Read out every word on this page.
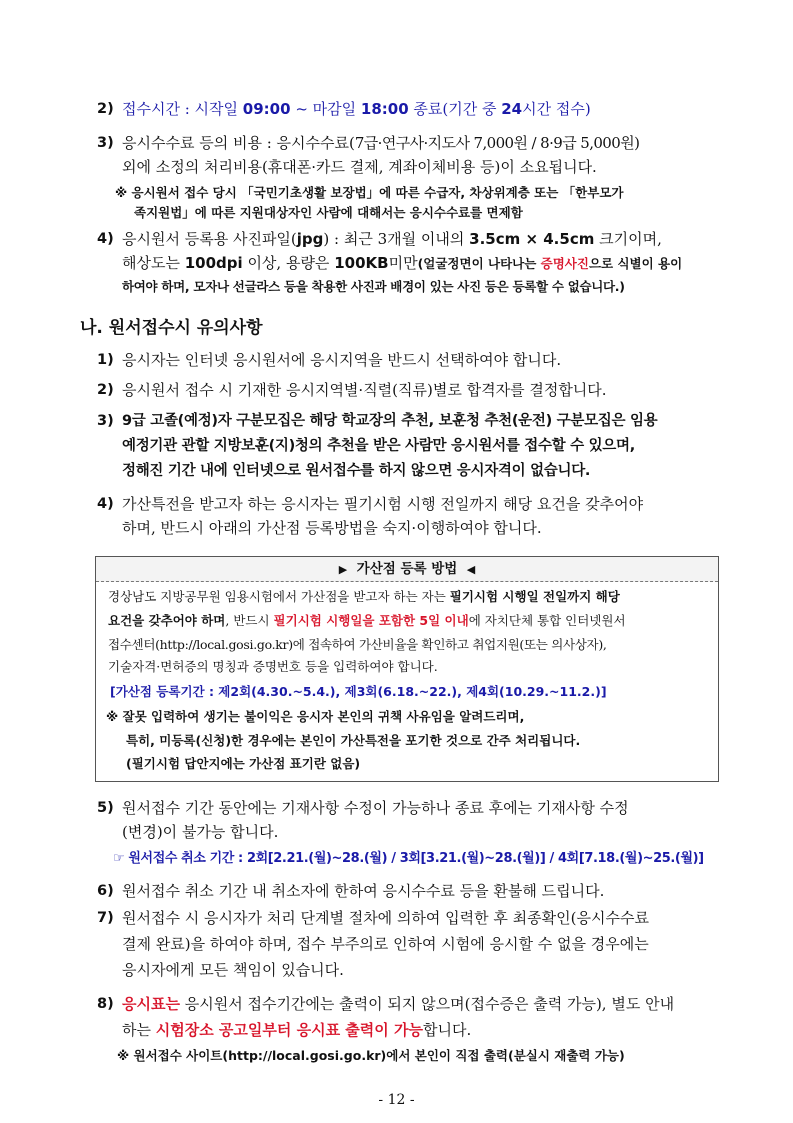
2) 접수시간 : 시작일 09:00 ~ 마감일 18:00 종료(기간 중 24시간 접수)
3) 응시수수료 등의 비용 : 응시수수료(7급·연구사·지도사 7,000원 / 8·9급 5,000원)
외에 소정의 처리비용(휴대폰·카드 결제, 계좌이체비용 등)이 소요됩니다.
※ 응시원서 접수 당시 「국민기초생활 보장법」에 따른 수급자, 차상위계층 또는 「한부모가
족지원법」에 따른 지원대상자인 사람에 대해서는 응시수수료를 면제함
4) 응시원서 등록용 사진파일(jpg) : 최근 3개월 이내의 3.5cm × 4.5cm 크기이며,
해상도는 100dpi 이상, 용량은 100KB미만(얼굴정면이 나타나는 증명사진으로 식별이 용이
하여야 하며, 모자나 선글라스 등을 착용한 사진과 배경이 있는 사진 등은 등록할 수 없습니다.)
나. 원서접수시 유의사항
1) 응시자는 인터넷 응시원서에 응시지역을 반드시 선택하여야 합니다.
2) 응시원서 접수 시 기재한 응시지역별·직렬(직류)별로 합격자를 결정합니다.
3) 9급 고졸(예정)자 구분모집은 해당 학교장의 추천, 보훈청 추천(운전) 구분모집은 임용
예정기관 관할 지방보훈(지)청의 추천을 받은 사람만 응시원서를 접수할 수 있으며,
정해진 기간 내에 인터넷으로 원서접수를 하지 않으면 응시자격이 없습니다.
4) 가산특전을 받고자 하는 응시자는 필기시험 시행 전일까지 해당 요건을 갖추어야
하며, 반드시 아래의 가산점 등록방법을 숙지·이행하여야 합니다.
▶ 가산점 등록 방법 ◀
경상남도 지방공무원 임용시험에서 가산점을 받고자 하는 자는 필기시험 시행일 전일까지 해당
요건을 갖추어야 하며, 반드시 필기시험 시행일을 포함한 5일 이내에 자치단체 통합 인터넷원서
접수센터(http://local.gosi.go.kr)에 접속하여 가산비율을 확인하고 취업지원(또는 의사상자),
기술자격·면허증의 명칭과 증명번호 등을 입력하여야 합니다.
[가산점 등록기간 : 제2회(4.30.~5.4.), 제3회(6.18.~22.), 제4회(10.29.~11.2.)]
※ 잘못 입력하여 생기는 불이익은 응시자 본인의 귀책 사유임을 알려드리며,
특히, 미등록(신청)한 경우에는 본인이 가산특전을 포기한 것으로 간주 처리됩니다.
(필기시험 답안지에는 가산점 표기란 없음)
5) 원서접수 기간 동안에는 기재사항 수정이 가능하나 종료 후에는 기재사항 수정
(변경)이 불가능 합니다.
☞ 원서접수 취소 기간 : 2회[2.21.(월)~28.(월) / 3회[3.21.(월)~28.(월)] / 4회[7.18.(월)~25.(월)]
6) 원서접수 취소 기간 내 취소자에 한하여 응시수수료 등을 환불해 드립니다.
7) 원서접수 시 응시자가 처리 단계별 절차에 의하여 입력한 후 최종확인(응시수수료
결제 완료)을 하여야 하며, 접수 부주의로 인하여 시험에 응시할 수 없을 경우에는
응시자에게 모든 책임이 있습니다.
8) 응시표는 응시원서 접수기간에는 출력이 되지 않으며(접수증은 출력 가능), 별도 안내
하는 시험장소 공고일부터 응시표 출력이 가능합니다.
※ 원서접수 사이트(http://local.gosi.go.kr)에서 본인이 직접 출력(분실시 재출력 가능)
- 12 -
